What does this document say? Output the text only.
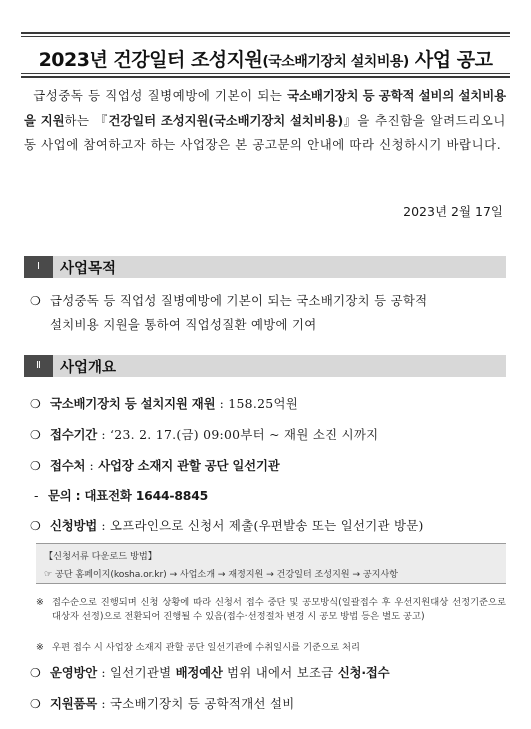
2023년 건강일터 조성지원(국소배기장치 설치비용) 사업 공고
급성중독 등 직업성 질병예방에 기본이 되는 국소배기장치 등 공학적 설비의 설치비용을 지원하는 『건강일터 조성지원(국소배기장치 설치비용)』을 추진함을 알려드리오니 동 사업에 참여하고자 하는 사업장은 본 공고문의 안내에 따라 신청하시기 바랍니다.
2023년 2월 17일
Ⅰ	사업목적
❍ 급성중독 등 직업성 질병예방에 기본이 되는 국소배기장치 등 공학적
설치비용 지원을 통하여 직업성질환 예방에 기여
Ⅱ	사업개요
❍ 국소배기장치 등 설치지원 재원 : 158.25억원
❍ 접수기간 : ‘23. 2. 17.(금) 09:00부터 ~ 재원 소진 시까지
❍ 접수처 : 사업장 소재지 관할 공단 일선기관
- 문의 : 대표전화 1644-8845
❍ 신청방법 : 오프라인으로 신청서 제출(우편발송 또는 일선기관 방문)
【신청서류 다운로드 방법】
☞ 공단 홈페이지(kosha.or.kr) → 사업소개 → 재정지원 → 건강일터 조성지원 → 공지사항
※ 접수순으로 진행되며 신청 상황에 따라 신청서 접수 중단 및 공모방식(일괄접수 후 우선지원대상 선정기준으로 대상자 선정)으로 전환되어 진행될 수 있음(접수·선정절차 변경 시 공모 방법 등은 별도 공고)
※ 우편 접수 시 사업장 소재지 관할 공단 일선기관에 수취일시를 기준으로 처리
❍ 운영방안 : 일선기관별 배정예산 범위 내에서 보조금 신청·접수
❍ 지원품목 : 국소배기장치 등 공학적개선 설비
